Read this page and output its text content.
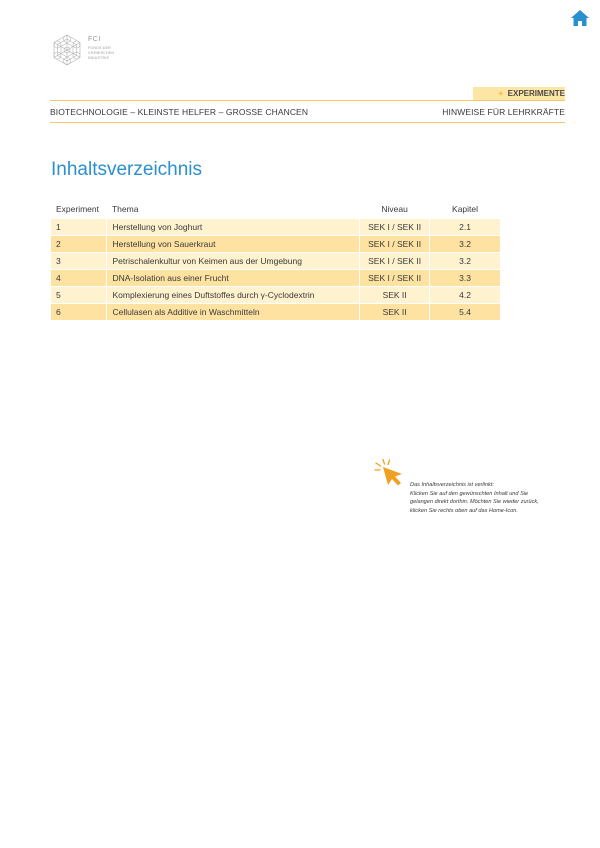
FCI
FONDS DER
CHEMISCHEN
INDUSTRIE
EXPERIMENTE
BIOTECHNOLOGIE – KLEINSTE HELFER – GROSSE CHANCEN	HINWEISE FÜR LEHRKRÄFTE
Inhaltsverzeichnis
Experiment	Thema	Niveau	Kapitel
1	Herstellung von Joghurt	SEK I / SEK II	2.1
2	Herstellung von Sauerkraut	SEK I / SEK II	3.2
3	Petrischalenkultur von Keimen aus der Umgebung	SEK I / SEK II	3.2
4	DNA-Isolation aus einer Frucht	SEK I / SEK II	3.3
5	Komplexierung eines Duftstoffes durch γ-Cyclodextrin	SEK II	4.2
6	Cellulasen als Additive in Waschmitteln	SEK II	5.4
Das Inhaltsverzeichnis ist verlinkt:
Klicken Sie auf den gewünschten Inhalt und Sie
gelangen direkt dorthin. Möchten Sie wieder zurück,
klicken Sie rechts oben auf das Home-Icon.
